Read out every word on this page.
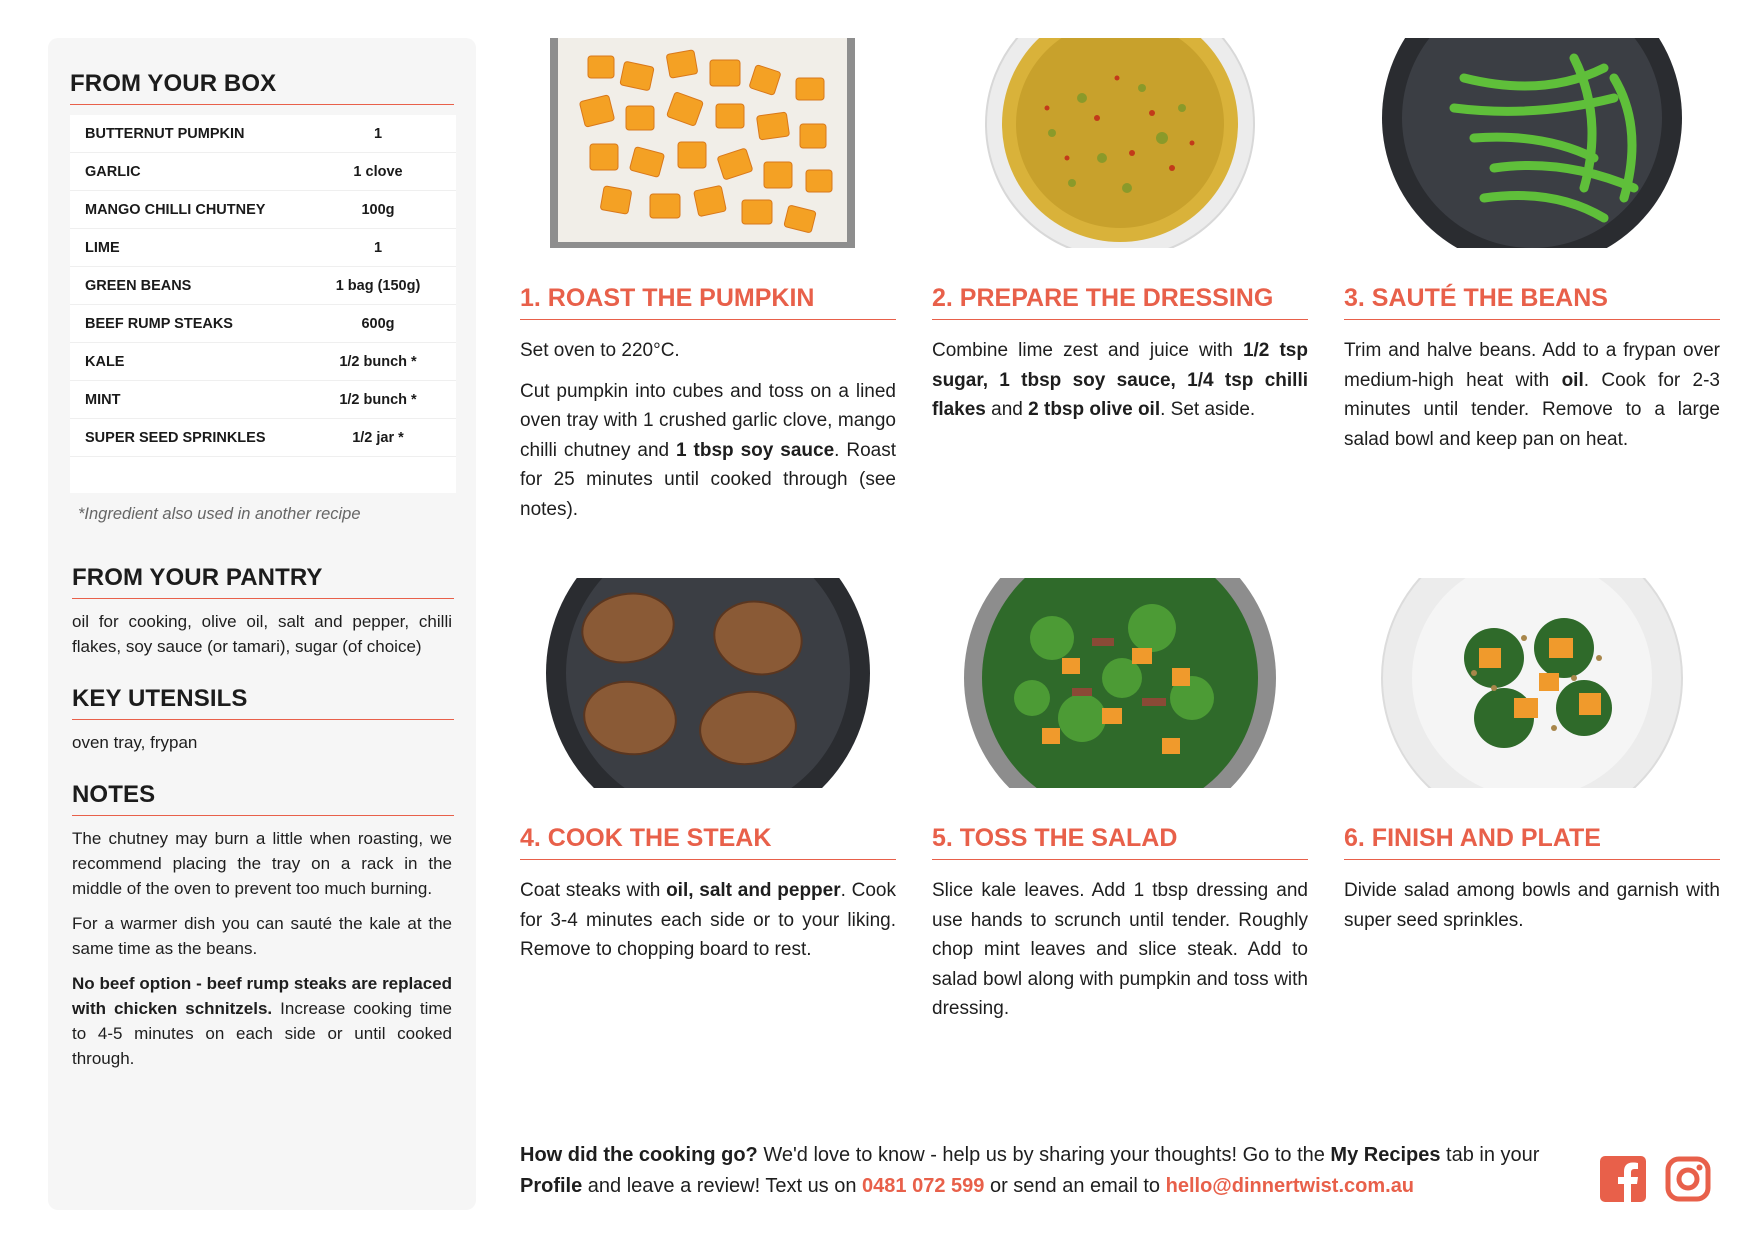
FROM YOUR BOX
BUTTERNUT PUMPKIN	1
GARLIC	1 clove
MANGO CHILLI CHUTNEY	100g
LIME	1
GREEN BEANS	1 bag (150g)
BEEF RUMP STEAKS	600g
KALE	1/2 bunch *
MINT	1/2 bunch *
SUPER SEED SPRINKLES	1/2 jar *
*Ingredient also used in another recipe
FROM YOUR PANTRY
oil for cooking, olive oil, salt and pepper, chilli flakes, soy sauce (or tamari), sugar (of choice)
KEY UTENSILS
oven tray, frypan
NOTES

The chutney may burn a little when roasting, we recommend placing the tray on a rack in the middle of the oven to prevent too much burning.

For a warmer dish you can sauté the kale at the same time as the beans.

No beef option - beef rump steaks are replaced with chicken schnitzels. Increase cooking time to 4-5 minutes on each side or until cooked through.

1. ROAST THE PUMPKIN

Set oven to 220°C.

Cut pumpkin into cubes and toss on a lined oven tray with 1 crushed garlic clove, mango chilli chutney and 1 tbsp soy sauce. Roast for 25 minutes until cooked through (see notes).

2. PREPARE THE DRESSING

Combine lime zest and juice with 1/2 tsp sugar, 1 tbsp soy sauce, 1/4 tsp chilli flakes and 2 tbsp olive oil. Set aside.

3. SAUTÉ THE BEANS

Trim and halve beans. Add to a frypan over medium-high heat with oil. Cook for 2-3 minutes until tender. Remove to a large salad bowl and keep pan on heat.

4. COOK THE STEAK

Coat steaks with oil, salt and pepper. Cook for 3-4 minutes each side or to your liking. Remove to chopping board to rest.

5. TOSS THE SALAD

Slice kale leaves. Add 1 tbsp dressing and use hands to scrunch until tender. Roughly chop mint leaves and slice steak. Add to salad bowl along with pumpkin and toss with dressing.

6. FINISH AND PLATE

Divide salad among bowls and garnish with super seed sprinkles.

How did the cooking go? We'd love to know - help us by sharing your thoughts! Go to the My Recipes tab in your Profile and leave a review! Text us on 0481 072 599 or send an email to hello@dinnertwist.com.au
